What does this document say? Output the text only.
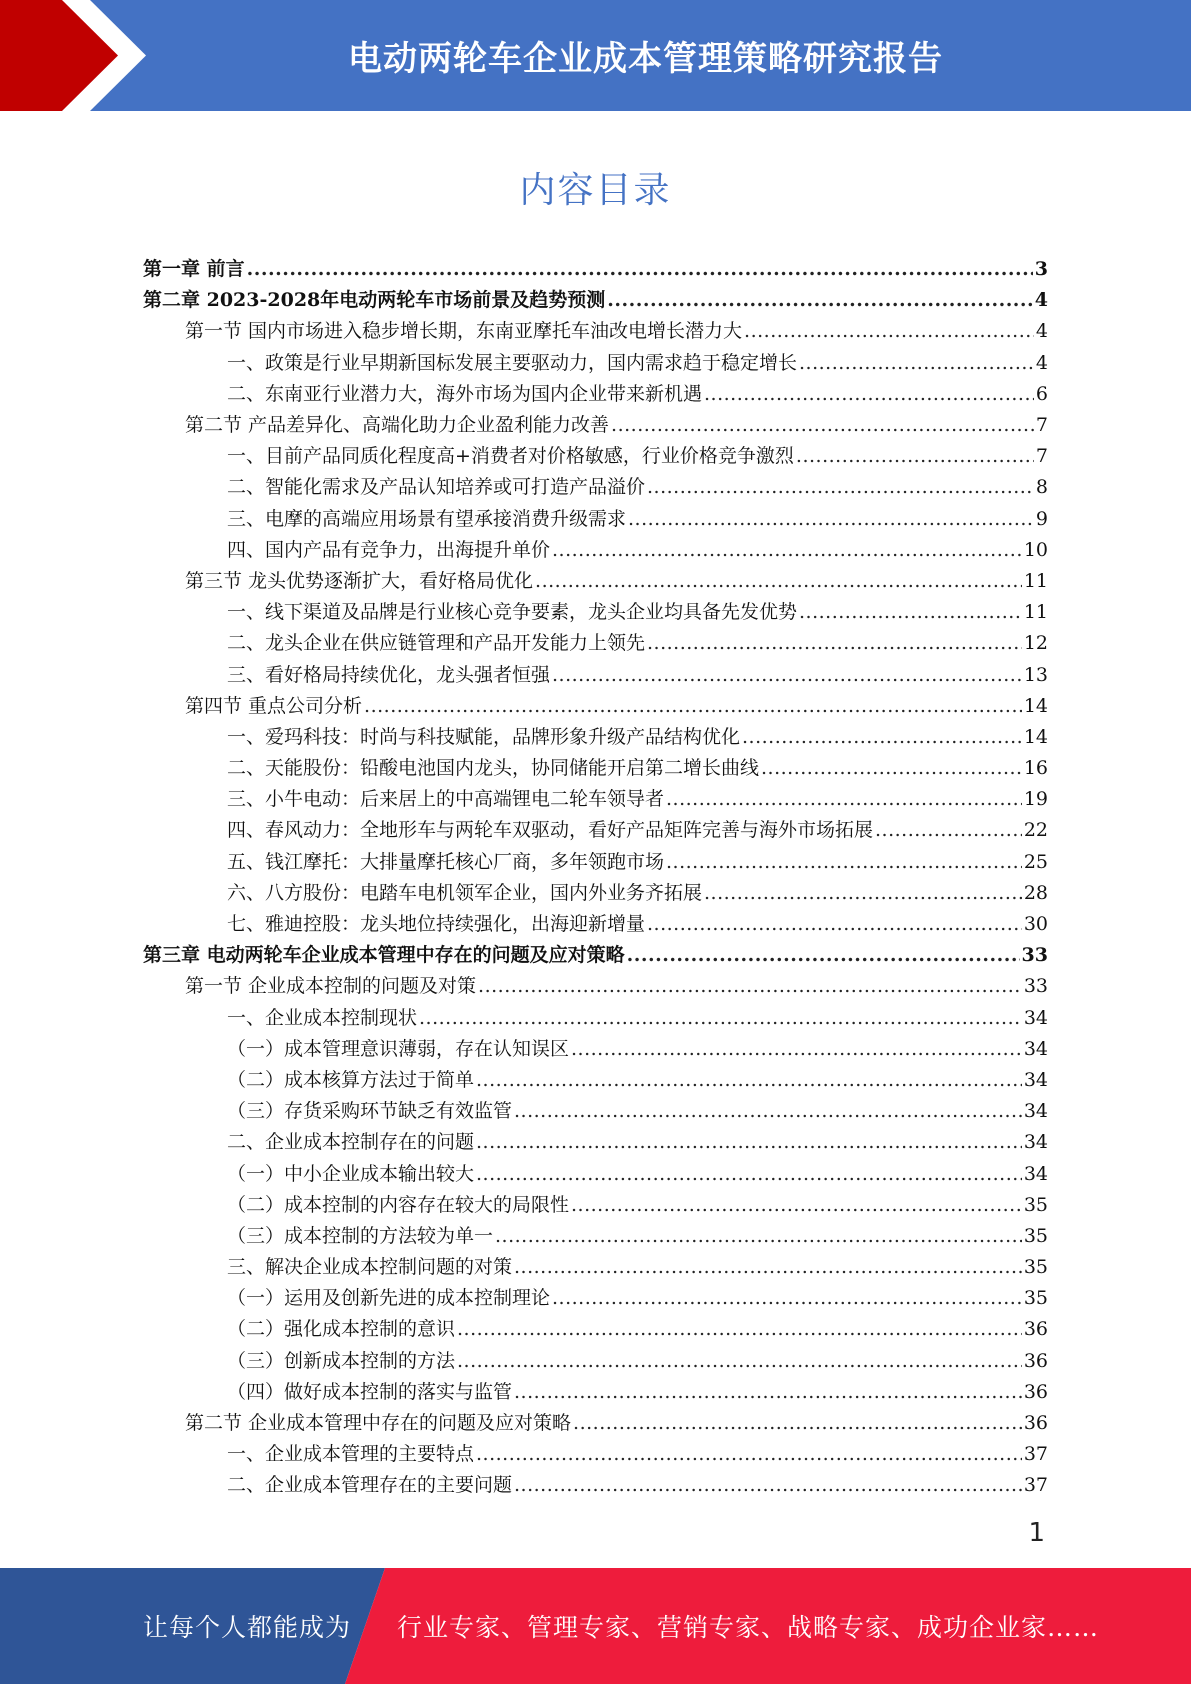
电动两轮车企业成本管理策略研究报告
内容目录
第一章 前言 .....	3
第二章 2023-2028年电动两轮车市场前景及趋势预测 .....	4
第一节 国内市场进入稳步增长期，东南亚摩托车油改电增长潜力大 .....	4
一、政策是行业早期新国标发展主要驱动力，国内需求趋于稳定增长 .....	4
二、东南亚行业潜力大，海外市场为国内企业带来新机遇 .....	6
第二节 产品差异化、高端化助力企业盈利能力改善 .....	7
一、目前产品同质化程度高+消费者对价格敏感，行业价格竞争激烈 .....	7
二、智能化需求及产品认知培养或可打造产品溢价 .....	8
三、电摩的高端应用场景有望承接消费升级需求 .....	9
四、国内产品有竞争力，出海提升单价 .....	10
第三节 龙头优势逐渐扩大，看好格局优化 .....	11
一、线下渠道及品牌是行业核心竞争要素，龙头企业均具备先发优势 .....	11
二、龙头企业在供应链管理和产品开发能力上领先 .....	12
三、看好格局持续优化，龙头强者恒强 .....	13
第四节 重点公司分析 .....	14
一、爱玛科技：时尚与科技赋能，品牌形象升级产品结构优化 .....	14
二、天能股份：铅酸电池国内龙头，协同储能开启第二增长曲线 .....	16
三、小牛电动：后来居上的中高端锂电二轮车领导者 .....	19
四、春风动力：全地形车与两轮车双驱动，看好产品矩阵完善与海外市场拓展 .....	22
五、钱江摩托：大排量摩托核心厂商，多年领跑市场 .....	25
六、八方股份：电踏车电机领军企业，国内外业务齐拓展 .....	28
七、雅迪控股：龙头地位持续强化，出海迎新增量 .....	30
第三章 电动两轮车企业成本管理中存在的问题及应对策略 .....	33
第一节 企业成本控制的问题及对策 .....	33
一、企业成本控制现状 .....	34
（一）成本管理意识薄弱，存在认知误区 .....	34
（二）成本核算方法过于简单 .....	34
（三）存货采购环节缺乏有效监管 .....	34
二、企业成本控制存在的问题 .....	34
（一）中小企业成本输出较大 .....	34
（二）成本控制的内容存在较大的局限性 .....	35
（三）成本控制的方法较为单一 .....	35
三、解决企业成本控制问题的对策 .....	35
（一）运用及创新先进的成本控制理论 .....	35
（二）强化成本控制的意识 .....	36
（三）创新成本控制的方法 .....	36
（四）做好成本控制的落实与监管 .....	36
第二节 企业成本管理中存在的问题及应对策略 .....	36
一、企业成本管理的主要特点 .....	37
二、企业成本管理存在的主要问题 .....	37
1
让每个人都能成为 行业专家、管理专家、营销专家、战略专家、成功企业家……
